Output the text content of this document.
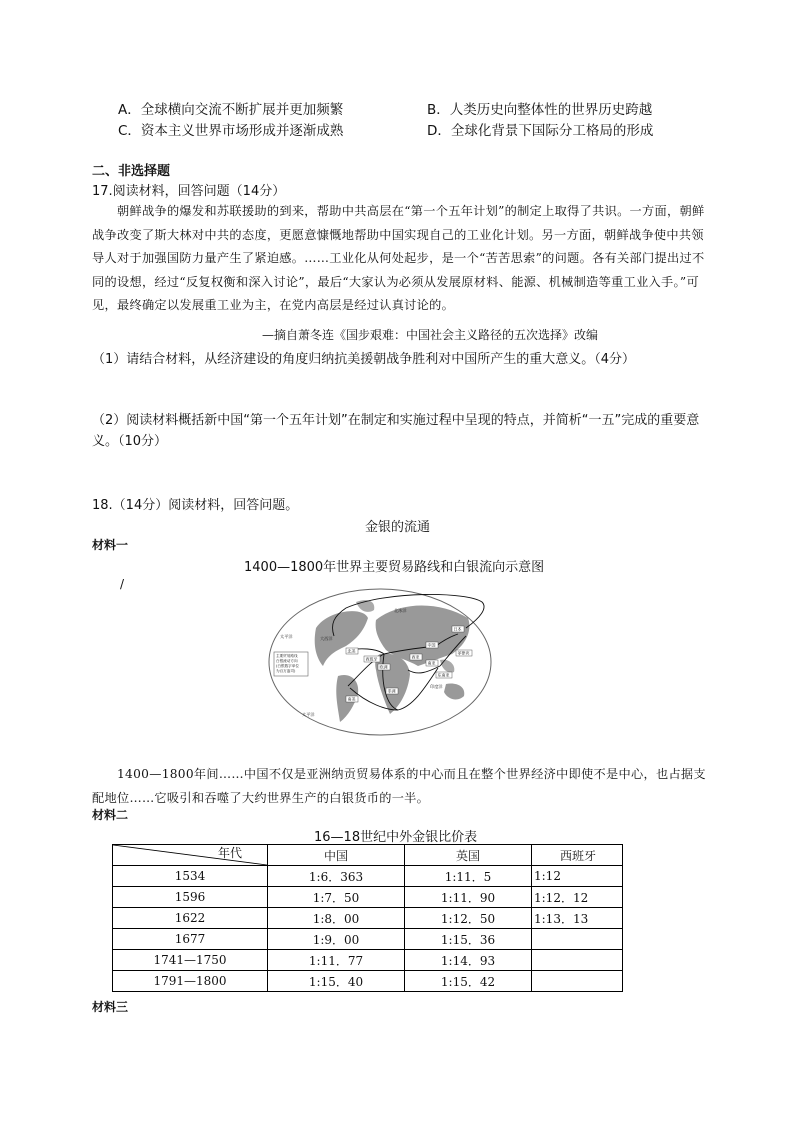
A．全球横向交流不断扩展并更加频繁	B．人类历史向整体性的世界历史跨越
C．资本主义世界市场形成并逐渐成熟	D．全球化背景下国际分工格局的形成
二、非选择题
17.阅读材料，回答问题（14分）
朝鲜战争的爆发和苏联援助的到来，帮助中共高层在“第一个五年计划”的制定上取得了共识。一方面，朝鲜战争改变了斯大林对中共的态度，更愿意慷慨地帮助中国实现自己的工业化计划。另一方面，朝鲜战争使中共领导人对于加强国防力量产生了紧迫感。……工业化从何处起步，是一个“苦苦思索”的问题。各有关部门提出过不同的设想，经过“反复权衡和深入讨论”，最后“大家认为必须从发展原材料、能源、机械制造等重工业入手。”可见，最终确定以发展重工业为主，在党内高层是经过认真讨论的。
—摘自萧冬连《国步艰难：中国社会主义路径的五次选择》改编
（1）请结合材料，从经济建设的角度归纳抗美援朝战争胜利对中国所产生的重大意义。（4分）
（2）阅读材料概括新中国“第一个五年计划”在制定和实施过程中呈现的特点，并简析“一五”完成的重要意义。（10分）
18.（14分）阅读材料，回答问题。
金银的流通
材料一
1400—1800年世界主要贸易路线和白银流向示意图
/
主要贸易路线
白银流动方向
(白银数字单位
为百万盎司)
太平洋	大西洋
北冰洋
印度洋
太平洋
北美
南美
欧洲
非洲
西亚
南亚
中国
日本
东南亚
西班牙
菲律宾
1400—1800年间……中国不仅是亚洲纳贡贸易体系的中心而且在整个世界经济中即使不是中心，也占据支配地位……它吸引和吞噬了大约世界生产的白银货币的一半。
材料二
16—18世纪中外金银比价表
年代	中国	英国	西班牙
1534	1:6．363	1:11．5	1:12
1596	1:7．50	1:11．90	1:12．12
1622	1:8．00	1:12．50	1:13．13
1677	1:9．00	1:15．36	
1741—1750	1:11．77	1:14．93	
1791—1800	1:15．40	1:15．42	
材料三
